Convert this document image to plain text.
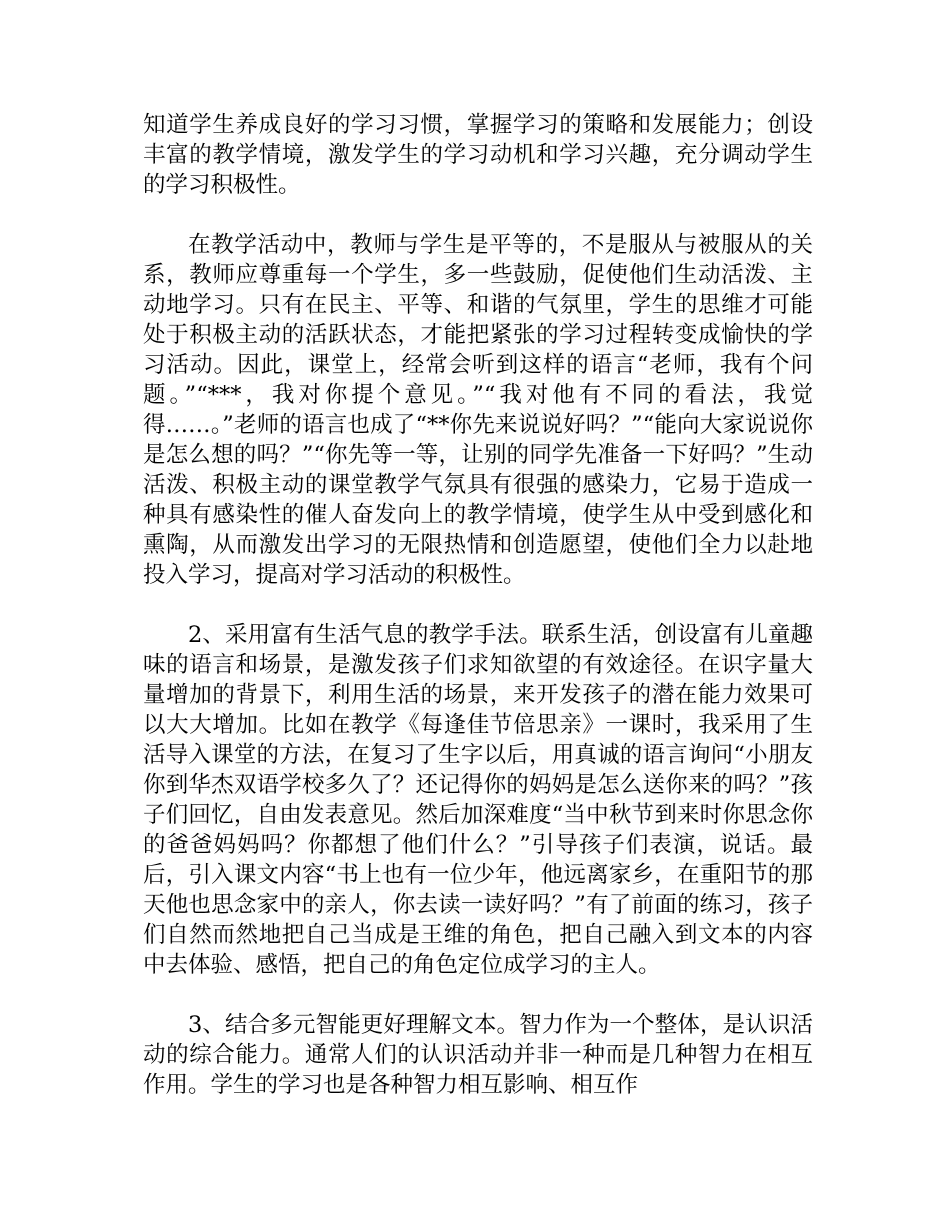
知道学生养成良好的学习习惯，掌握学习的策略和发展能力；创设丰富的教学情境，激发学生的学习动机和学习兴趣，充分调动学生的学习积极性。

在教学活动中，教师与学生是平等的，不是服从与被服从的关系，教师应尊重每一个学生，多一些鼓励，促使他们生动活泼、主动地学习。只有在民主、平等、和谐的气氛里，学生的思维才可能处于积极主动的活跃状态，才能把紧张的学习过程转变成愉快的学习活动。因此，课堂上，经常会听到这样的语言“老师，我有个问题。”“***，我对你提个意见。”“我对他有不同的看法，我觉得……。”老师的语言也成了“**你先来说说好吗？”“能向大家说说你是怎么想的吗？”“你先等一等，让别的同学先准备一下好吗？”生动活泼、积极主动的课堂教学气氛具有很强的感染力，它易于造成一种具有感染性的催人奋发向上的教学情境，使学生从中受到感化和熏陶，从而激发出学习的无限热情和创造愿望，使他们全力以赴地投入学习，提高对学习活动的积极性。

2、采用富有生活气息的教学手法。联系生活，创设富有儿童趣味的语言和场景，是激发孩子们求知欲望的有效途径。在识字量大量增加的背景下，利用生活的场景，来开发孩子的潜在能力效果可以大大增加。比如在教学《每逢佳节倍思亲》一课时，我采用了生活导入课堂的方法，在复习了生字以后，用真诚的语言询问“小朋友你到华杰双语学校多久了？还记得你的妈妈是怎么送你来的吗？”孩子们回忆，自由发表意见。然后加深难度“当中秋节到来时你思念你的爸爸妈妈吗？你都想了他们什么？”引导孩子们表演，说话。最后，引入课文内容“书上也有一位少年，他远离家乡，在重阳节的那天他也思念家中的亲人，你去读一读好吗？”有了前面的练习，孩子们自然而然地把自己当成是王维的角色，把自己融入到文本的内容中去体验、感悟，把自己的角色定位成学习的主人。

3、结合多元智能更好理解文本。智力作为一个整体，是认识活动的综合能力。通常人们的认识活动并非一种而是几种智力在相互作用。学生的学习也是各种智力相互影响、相互作
